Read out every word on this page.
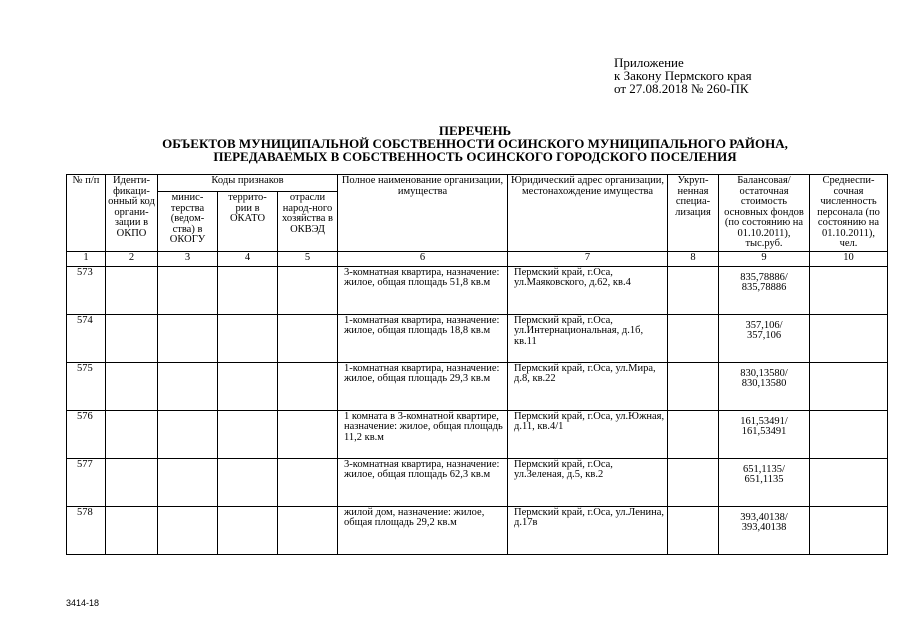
Приложение
к Закону Пермского края
от 27.08.2018 № 260-ПК
ПЕРЕЧЕНЬ
ОБЪЕКТОВ МУНИЦИПАЛЬНОЙ СОБСТВЕННОСТИ ОСИНСКОГО МУНИЦИПАЛЬНОГО РАЙОНА,
ПЕРЕДАВАЕМЫХ В СОБСТВЕННОСТЬ ОСИНСКОГО ГОРОДСКОГО ПОСЕЛЕНИЯ
№ п/п	Иденти-фикаци-онный код органи-зации в ОКПО	Коды признаков			Полное наименование организации, имущества	Юридический адрес организации, местонахождение имущества	Укруп-ненная специа-лизация	Балансовая/ остаточная стоимость основных фондов (по состоянию на 01.10.2011), тыс.руб.	Среднеспи-сочная численность персонала (по состоянию на 01.10.2011), чел.
		минис-терства (ведом-ства) в ОКОГУ	террито-рии в ОКАТО	отрасли народ-ного хозяйства в ОКВЭД					
1	2	3	4	5	6	7	8	9	10
573					3-комнатная квартира, назначение: жилое, общая площадь 51,8 кв.м	Пермский край, г.Оса, ул.Маяковского, д.62, кв.4		835,78886/
835,78886	

574					1-комнатная квартира, назначение: жилое, общая площадь 18,8 кв.м	Пермский край, г.Оса, ул.Интернациональная, д.1б, кв.11		357,106/
357,106	

575					1-комнатная квартира, назначение: жилое, общая площадь 29,3 кв.м	Пермский край, г.Оса, ул.Мира, д.8, кв.22		830,13580/
830,13580	

576					1 комната в 3-комнатной квартире, назначение: жилое, общая площадь 11,2 кв.м	Пермский край, г.Оса, ул.Южная, д.11, кв.4/1		161,53491/
161,53491	

577					3-комнатная квартира, назначение: жилое, общая площадь 62,3 кв.м	Пермский край, г.Оса, ул.Зеленая, д.5, кв.2		651,1135/
651,1135	

578					жилой дом, назначение: жилое, общая площадь 29,2 кв.м	Пермский край, г.Оса, ул.Ленина, д.17в		393,40138/
393,40138	

3414-18
